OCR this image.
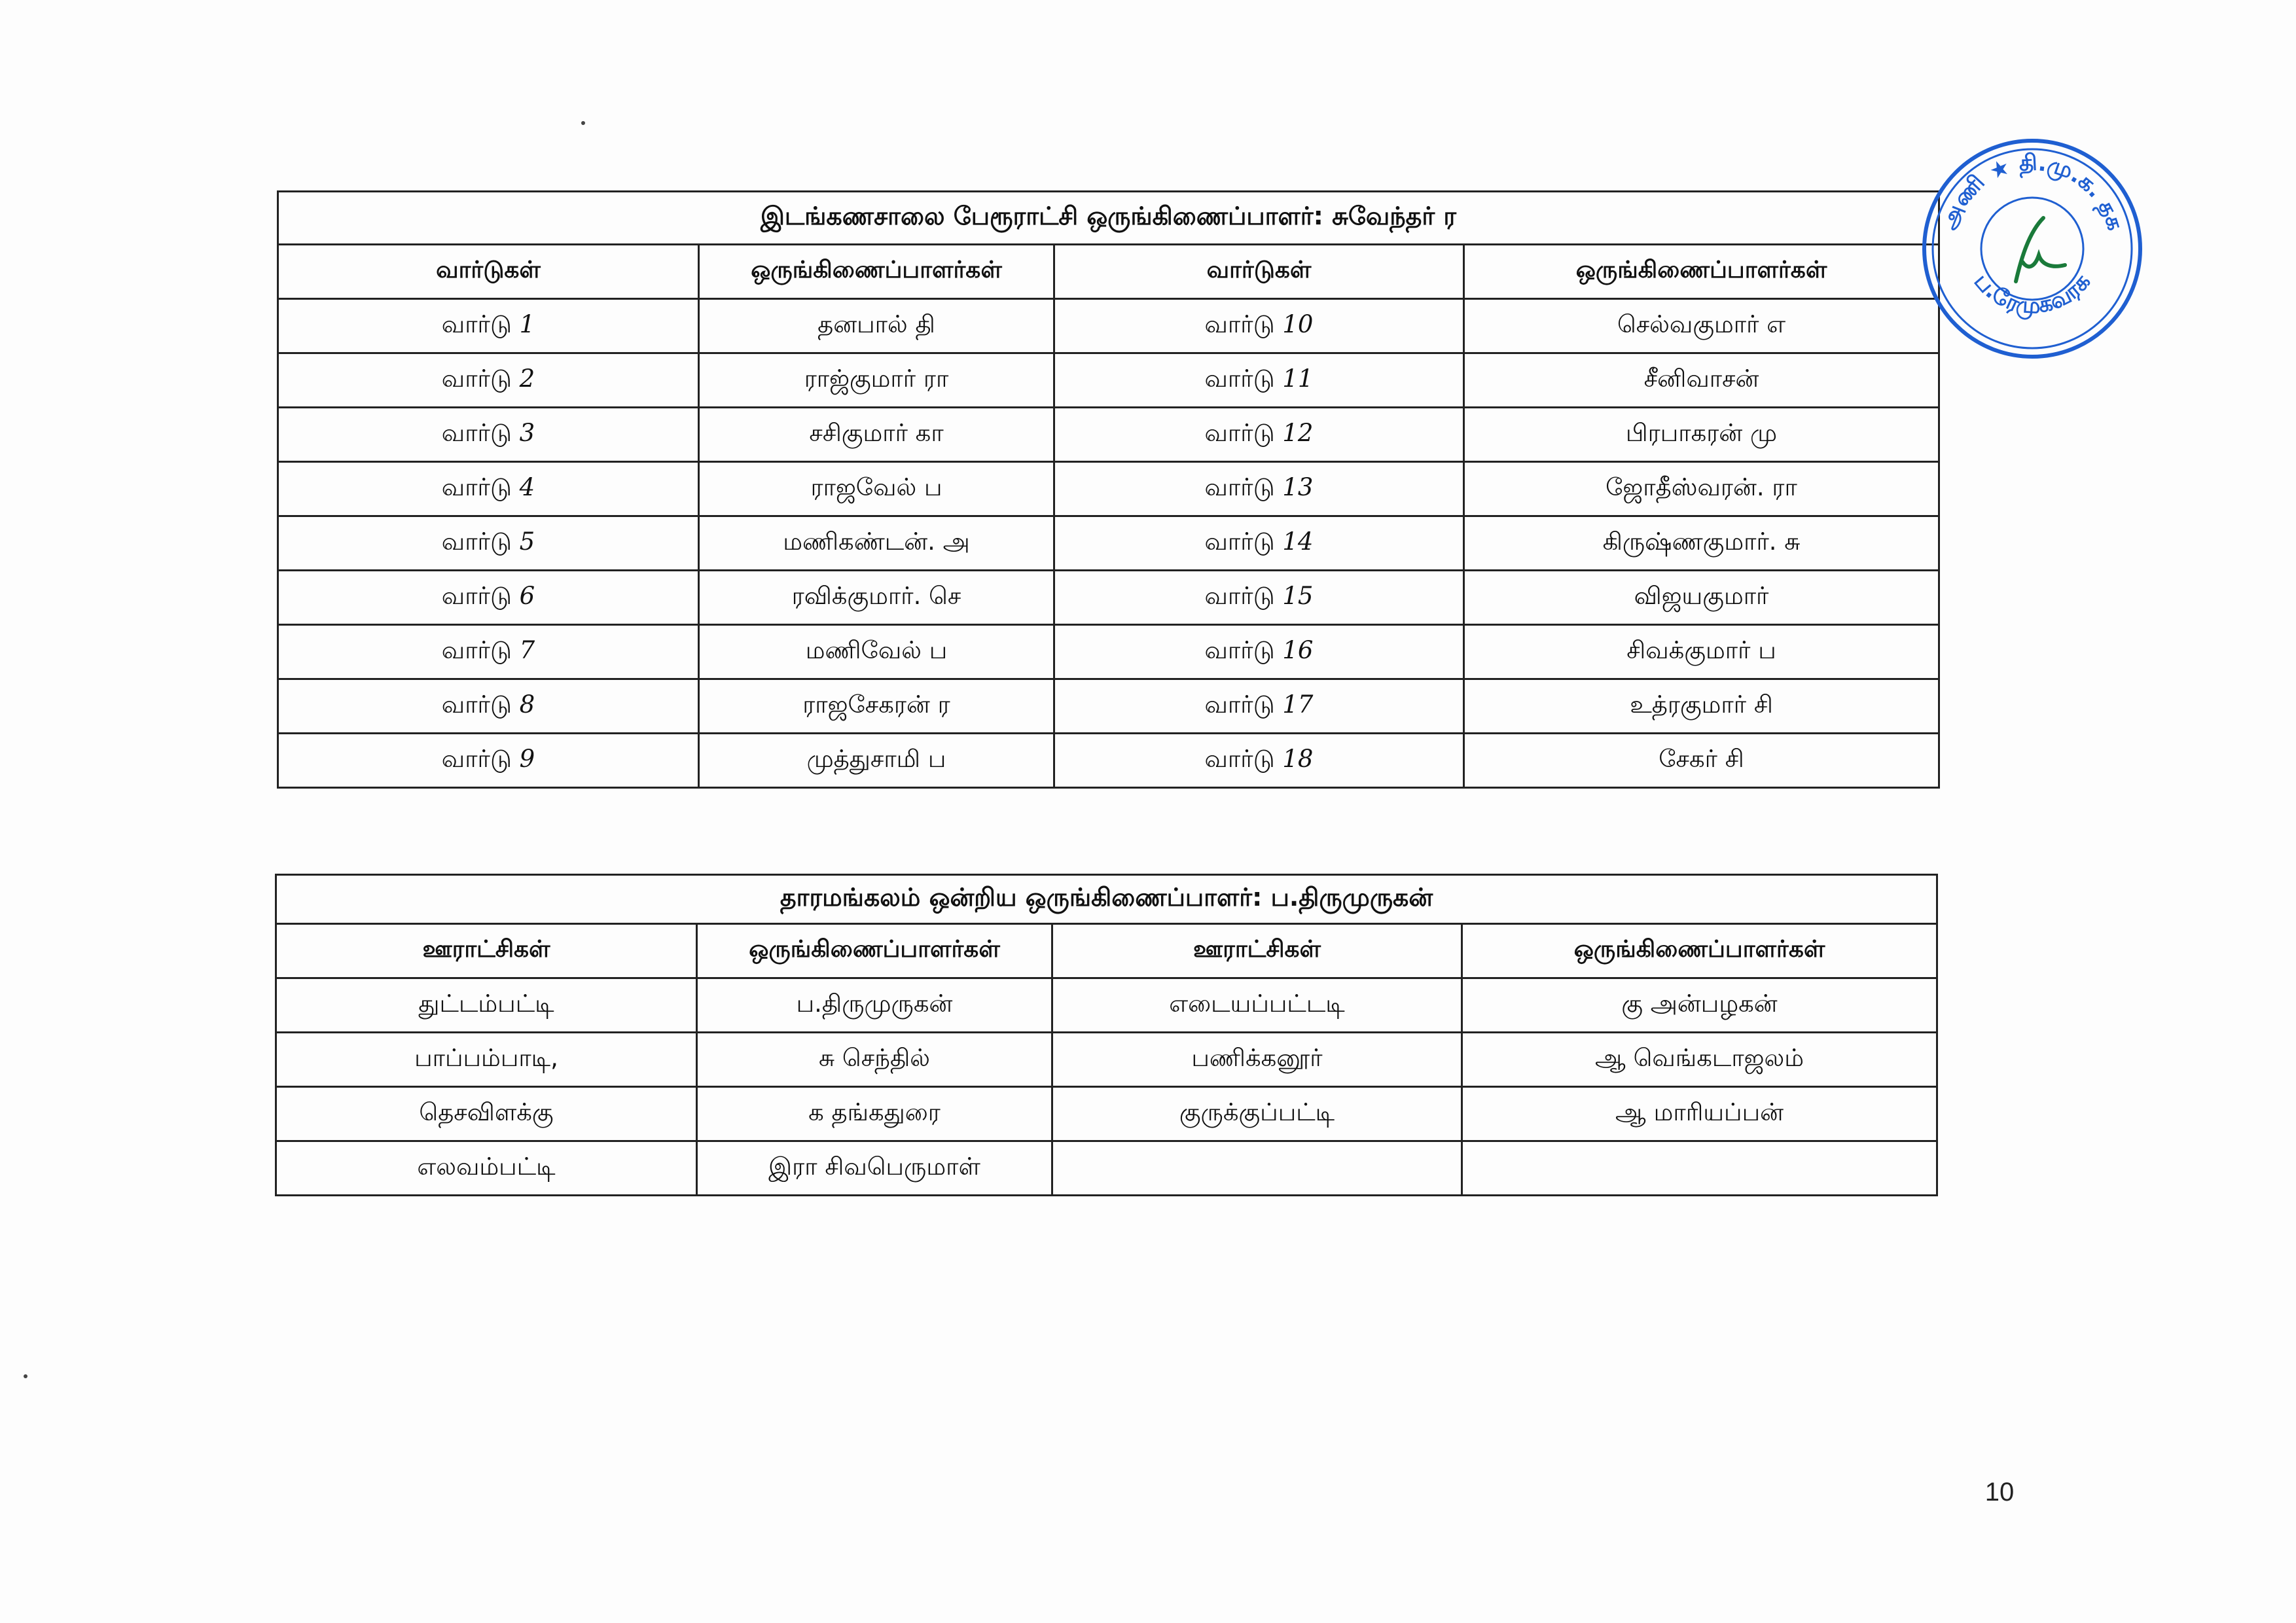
இடங்கணசாலை பேரூராட்சி ஒருங்கிணைப்பாளர்: சுவேந்தர் ர			
வார்டுகள்	ஒருங்கிணைப்பாளர்கள்	வார்டுகள்	ஒருங்கிணைப்பாளர்கள்
வார்டு 1	தனபால் தி	வார்டு 10	செல்வகுமார் எ
வார்டு 2	ராஜ்குமார் ரா	வார்டு 11	சீனிவாசன்
வார்டு 3	சசிகுமார் கா	வார்டு 12	பிரபாகரன் மு
வார்டு 4	ராஜவேல் ப	வார்டு 13	ஜோதீஸ்வரன். ரா
வார்டு 5	மணிகண்டன். அ	வார்டு 14	கிருஷ்ணகுமார். சு
வார்டு 6	ரவிக்குமார். செ	வார்டு 15	விஜயகுமார்
வார்டு 7	மணிவேல் ப	வார்டு 16	சிவக்குமார் ப
வார்டு 8	ராஜசேகரன் ர	வார்டு 17	உத்ரகுமார் சி
வார்டு 9	முத்துசாமி ப	வார்டு 18	சேகர் சி
தாரமங்கலம் ஒன்றிய ஒருங்கிணைப்பாளர்: ப.திருமுருகன்			
ஊராட்சிகள்	ஒருங்கிணைப்பாளர்கள்	ஊராட்சிகள்	ஒருங்கிணைப்பாளர்கள்
துட்டம்பட்டி	ப.திருமுருகன்	எடையப்பட்டடி	கு அன்பழகன்
பாப்பம்பாடி,	சு செந்தில்	பணிக்கனூர்	ஆ வெங்கடாஜலம்
தெசவிளக்கு	க தங்கதுரை	குருக்குப்பட்டி	ஆ மாரியப்பன்
எலவம்பட்டி	இரா சிவபெருமாள்		
அணி ★ தி.மு.க. தக
ப.ரேமுகவரக
10
